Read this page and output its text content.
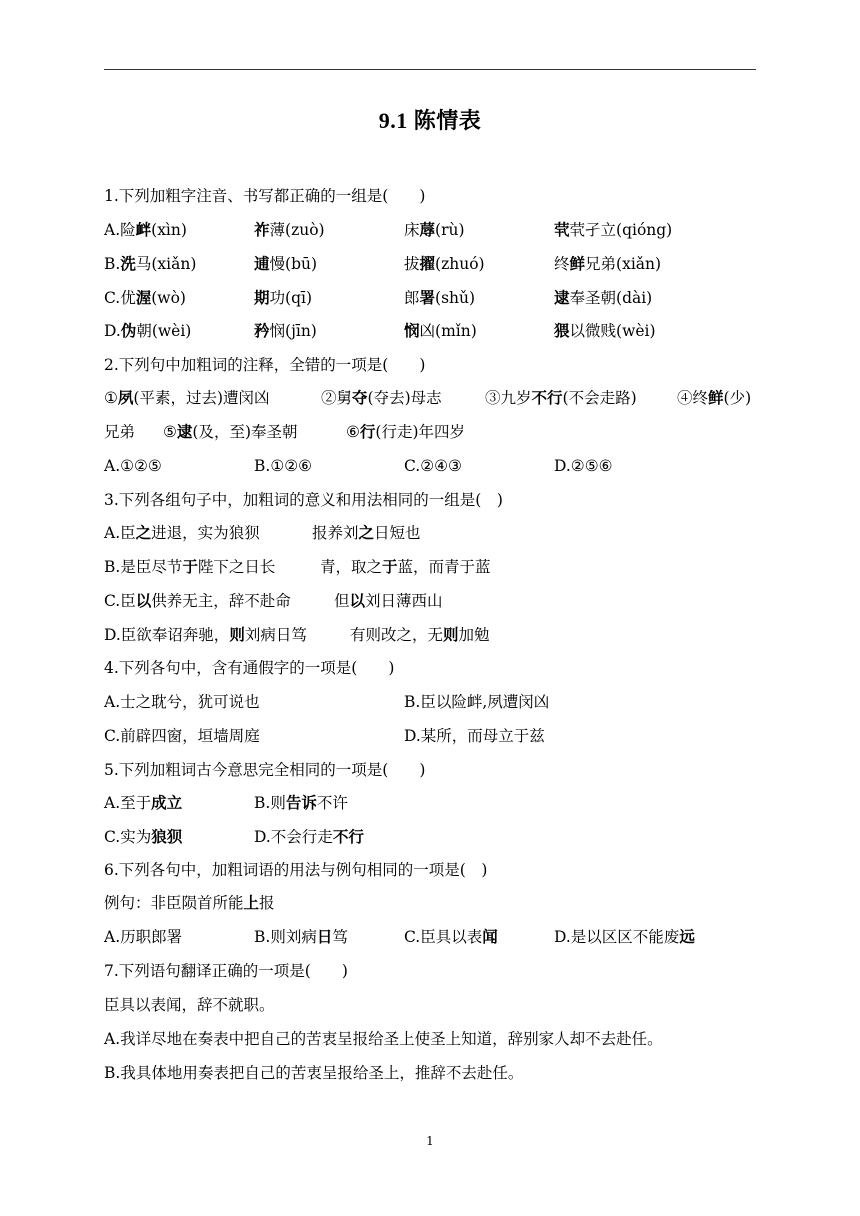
9.1 陈情表
1.下列加粗字注音、书写都正确的一组是(　　)
2.下列句中加粗词的注释，全错的一项是(　　)
①夙(平素，过去)遭闵凶	②舅夺(夺去)母志	③九岁不行(不会走路)	④终鲜(少)
兄弟 ⑤逮(及，至)奉圣朝	⑥行(行走)年四岁
A.①②⑤	B.①②⑥	C.②④③	D.②⑤⑥
3.下列各组句子中，加粗词的意义和用法相同的一组是(　)
4.下列各句中，含有通假字的一项是(　　)
A.士之耽兮，犹可说也	B.臣以险衅,夙遭闵凶
C.前辟四窗，垣墙周庭	D.某所，而母立于兹
5.下列加粗词古今意思完全相同的一项是(　　)
6.下列各句中，加粗词语的用法与例句相同的一项是(　)
例句：非臣陨首所能上报
A.历职郎署	B.则刘病日笃	C.臣具以表闻	D.是以区区不能废远
7.下列语句翻译正确的一项是(　　)
臣具以表闻，辞不就职。
A.我详尽地在奏表中把自己的苦衷呈报给圣上使圣上知道，辞别家人却不去赴任。
B.我具体地用奏表把自己的苦衷呈报给圣上，推辞不去赴任。
1
A.险衅(xìn)	祚薄(zuò)	床蓐(rù)	茕茕孑立(qióng)
B.洗马(xiǎn)	逋慢(bū)	拔擢(zhuó)	终鲜兄弟(xiǎn)
C.优渥(wò)	期功(qī)	郎署(shǔ)	逮奉圣朝(dài)
D.伪朝(wèi)	矜悯(jīn)	悯凶(mǐn)	猥以微贱(wèi)
A.臣之进退，实为狼狈	报养刘之日短也
B.是臣尽节于陛下之日长	青，取之于蓝，而青于蓝
C.臣以供养无主，辞不赴命	但以刘日薄西山
D.臣欲奉诏奔驰，则刘病日笃	有则改之，无则加勉
A.至于成立	B.则告诉不许
C.实为狼狈	D.不会行走不行
